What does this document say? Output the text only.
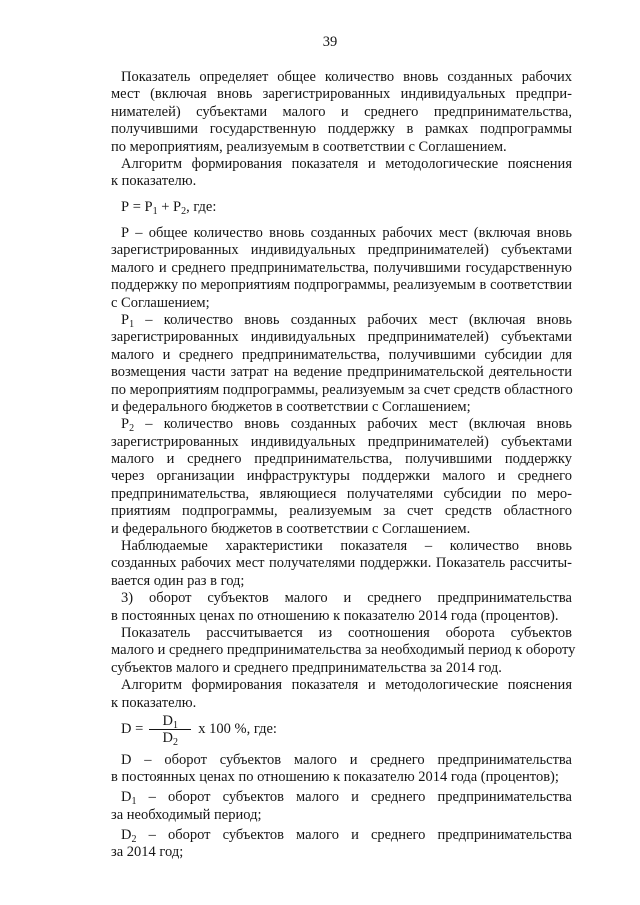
39
Показатель определяет общее количество вновь созданных рабочих
мест (включая вновь зарегистрированных индивидуальных предпри-
нимателей) субъектами малого и среднего предпринимательства,
получившими государственную поддержку в рамках подпрограммы
по мероприятиям, реализуемым в соответствии с Соглашением.
Алгоритм формирования показателя и методологические пояснения
к показателю.
$Р = Р_1 + Р_2$, где:
Р – общее количество вновь созданных рабочих мест (включая вновь
зарегистрированных индивидуальных предпринимателей) субъектами
малого и среднего предпринимательства, получившими государственную
поддержку по мероприятиям подпрограммы, реализуемым в соответствии
с Соглашением;
$Р_1$ – количество вновь созданных рабочих мест (включая вновь
зарегистрированных индивидуальных предпринимателей) субъектами
малого и среднего предпринимательства, получившими субсидии для
возмещения части затрат на ведение предпринимательской деятельности
по мероприятиям подпрограммы, реализуемым за счет средств областного
и федерального бюджетов в соответствии с Соглашением;
$Р_2$ – количество вновь созданных рабочих мест (включая вновь
зарегистрированных индивидуальных предпринимателей) субъектами
малого и среднего предпринимательства, получившими поддержку
через организации инфраструктуры поддержки малого и среднего
предпринимательства, являющиеся получателями субсидии по меро-
приятиям подпрограммы, реализуемым за счет средств областного
и федерального бюджетов в соответствии с Соглашением.
Наблюдаемые характеристики показателя – количество вновь
созданных рабочих мест получателями поддержки. Показатель рассчиты-
вается один раз в год;
3) оборот субъектов малого и среднего предпринимательства
в постоянных ценах по отношению к показателю 2014 года (процентов).
Показатель рассчитывается из соотношения оборота субъектов
малого и среднего предпринимательства за необходимый период к обороту
субъектов малого и среднего предпринимательства за 2014 год.
Алгоритм формирования показателя и методологические пояснения
к показателю.
$D = \frac{D_1}{D_2}$ x 100 %, где:
D – оборот субъектов малого и среднего предпринимательства
в постоянных ценах по отношению к показателю 2014 года (процентов);
$D_1$ – оборот субъектов малого и среднего предпринимательства
за необходимый период;
$D_2$ – оборот субъектов малого и среднего предпринимательства
за 2014 год;
